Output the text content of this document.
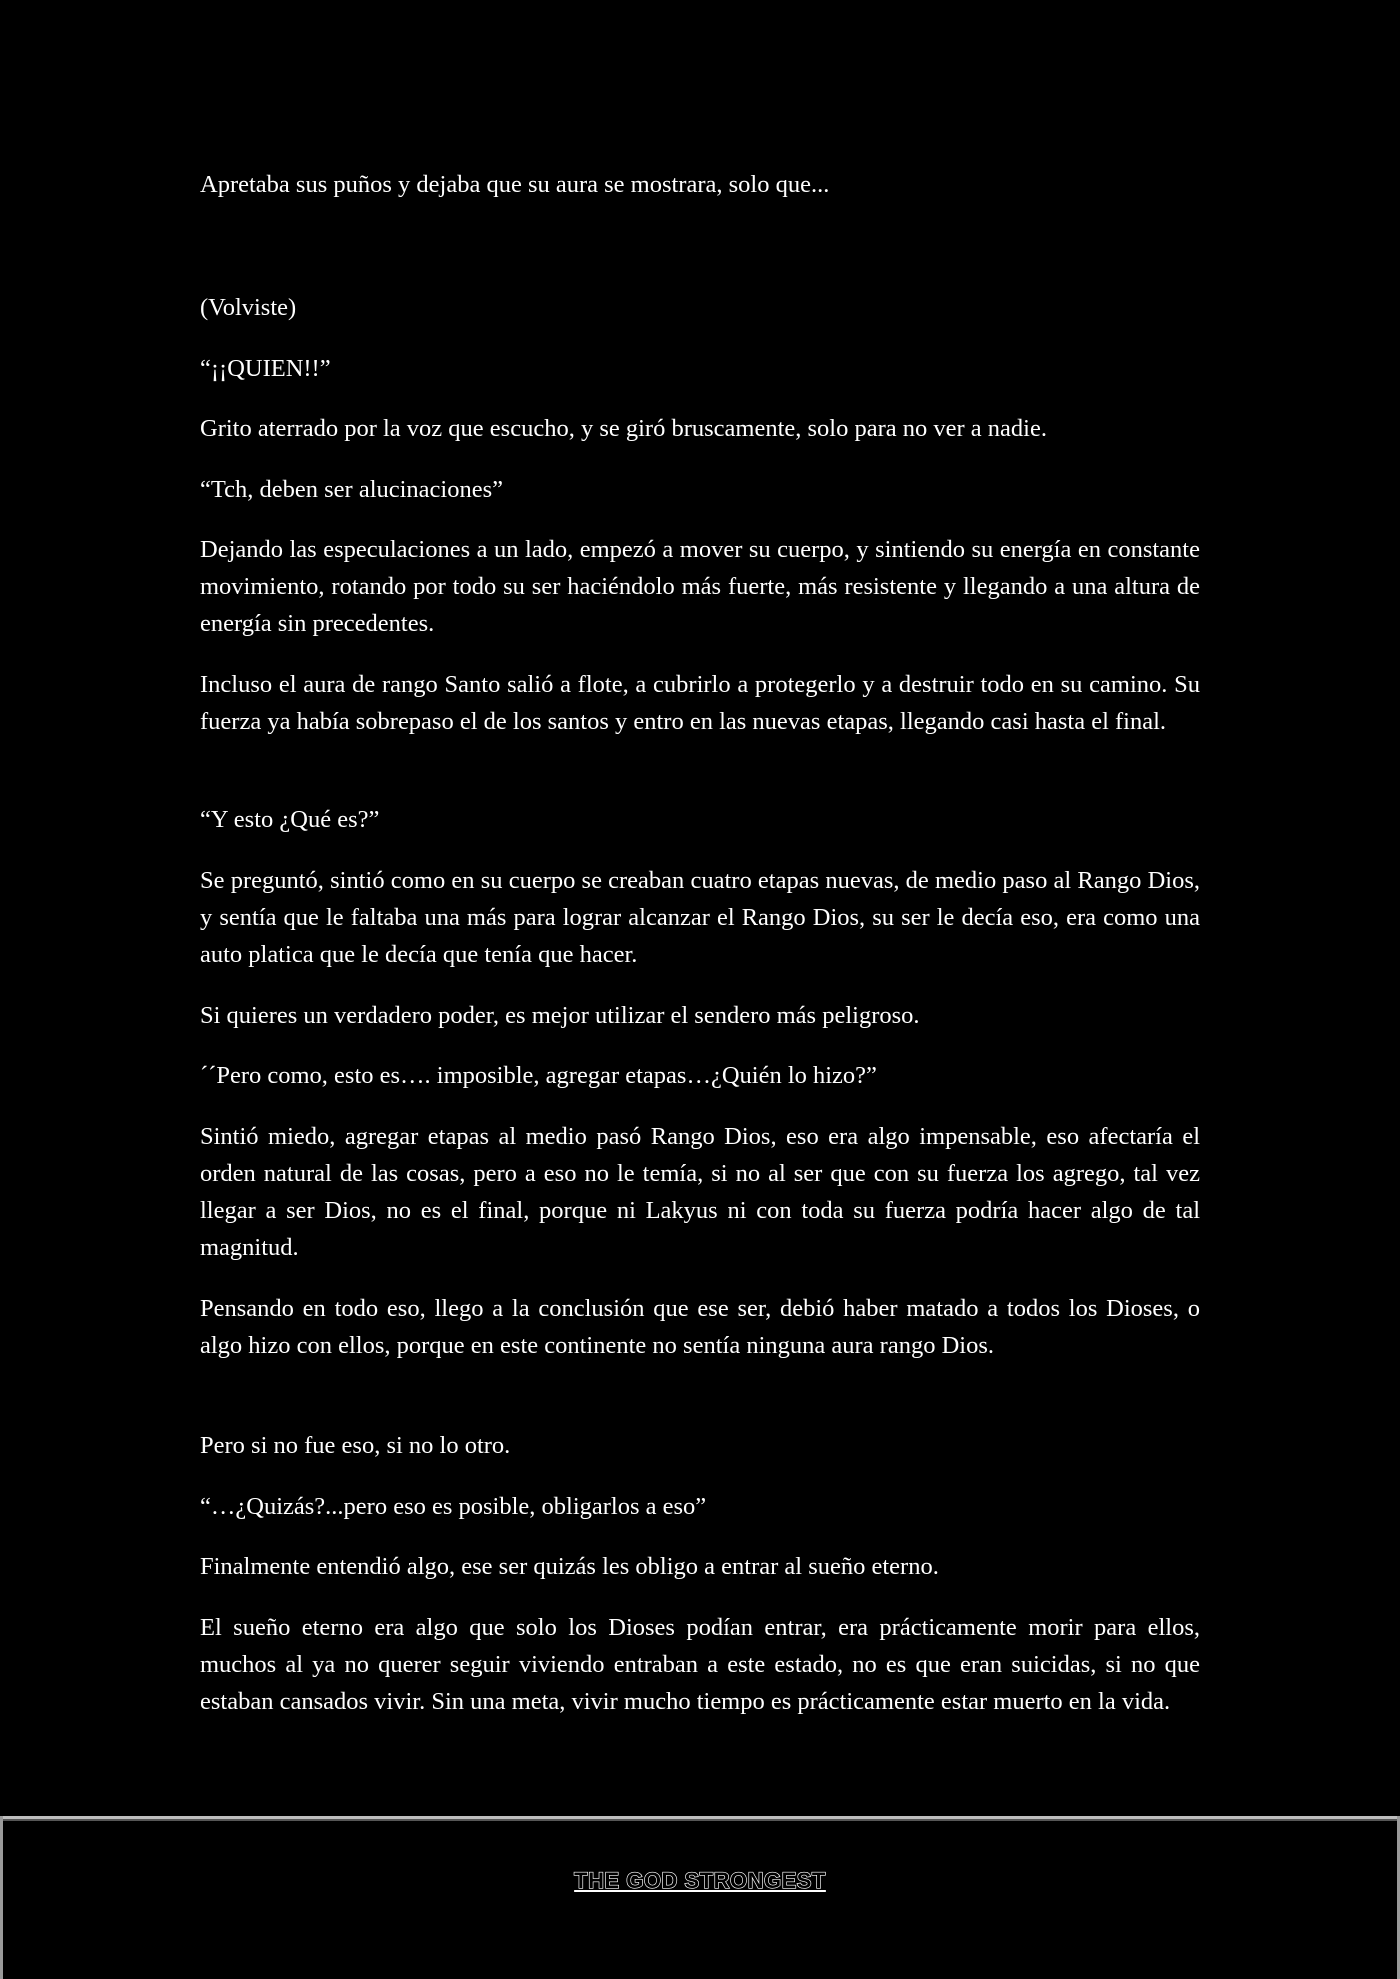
Apretaba sus puños y dejaba que su aura se mostrara, solo que...

(Volviste)

“¡¡QUIEN!!”

Grito aterrado por la voz que escucho, y se giró bruscamente, solo para no ver a nadie.

“Tch, deben ser alucinaciones”

Dejando las especulaciones a un lado, empezó a mover su cuerpo, y sintiendo su energía en constante movimiento, rotando por todo su ser haciéndolo más fuerte, más resistente y llegando a una altura de energía sin precedentes.

Incluso el aura de rango Santo salió a flote, a cubrirlo a protegerlo y a destruir todo en su camino. Su fuerza ya había sobrepaso el de los santos y entro en las nuevas etapas, llegando casi hasta el final.

“Y esto ¿Qué es?”

Se preguntó, sintió como en su cuerpo se creaban cuatro etapas nuevas, de medio paso al Rango Dios, y sentía que le faltaba una más para lograr alcanzar el Rango Dios, su ser le decía eso, era como una auto platica que le decía que tenía que hacer.

Si quieres un verdadero poder, es mejor utilizar el sendero más peligroso.

´´Pero como, esto es…. imposible, agregar etapas…¿Quién lo hizo?”

Sintió miedo, agregar etapas al medio pasó Rango Dios, eso era algo impensable, eso afectaría el orden natural de las cosas, pero a eso no le temía, si no al ser que con su fuerza los agrego, tal vez llegar a ser Dios, no es el final, porque ni Lakyus ni con toda su fuerza podría hacer algo de tal magnitud.

Pensando en todo eso, llego a la conclusión que ese ser, debió haber matado a todos los Dioses, o algo hizo con ellos, porque en este continente no sentía ninguna aura rango Dios.

Pero si no fue eso, si no lo otro.

“…¿Quizás?...pero eso es posible, obligarlos a eso”

Finalmente entendió algo, ese ser quizás les obligo a entrar al sueño eterno.

El sueño eterno era algo que solo los Dioses podían entrar, era prácticamente morir para ellos, muchos al ya no querer seguir viviendo entraban a este estado, no es que eran suicidas, si no que estaban cansados vivir. Sin una meta, vivir mucho tiempo es prácticamente estar muerto en la vida.

THE GOD STRONGEST
